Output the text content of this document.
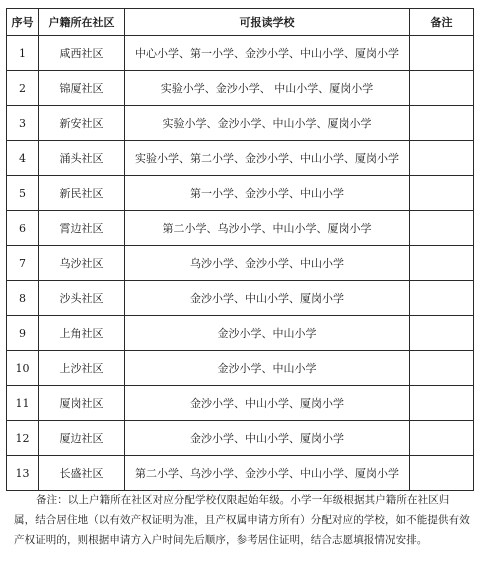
序号	户籍所在社区	可报读学校	备注
1	咸西社区	中心小学、第一小学、金沙小学、中山小学、厦岗小学	
2	锦厦社区	实验小学、金沙小学、 中山小学、厦岗小学	
3	新安社区	实验小学、金沙小学、中山小学、厦岗小学	
4	涌头社区	实验小学、第二小学、金沙小学、中山小学、厦岗小学	
5	新民社区	第一小学、金沙小学、中山小学	
6	霄边社区	第二小学、乌沙小学、中山小学、厦岗小学	
7	乌沙社区	乌沙小学、金沙小学、中山小学	
8	沙头社区	金沙小学、中山小学、厦岗小学	
9	上角社区	金沙小学、中山小学	
10	上沙社区	金沙小学、中山小学	
11	厦岗社区	金沙小学、中山小学、厦岗小学	
12	厦边社区	金沙小学、中山小学、厦岗小学	
13	长盛社区	第二小学、乌沙小学、金沙小学、中山小学、厦岗小学	
备注：以上户籍所在社区对应分配学校仅限起始年级。小学一年级根据其户籍所在社区归属，结合居住地（以有效产权证明为准，且产权属申请方所有）分配对应的学校，如不能提供有效产权证明的，则根据申请方入户时间先后顺序，参考居住证明，结合志愿填报情况安排。
